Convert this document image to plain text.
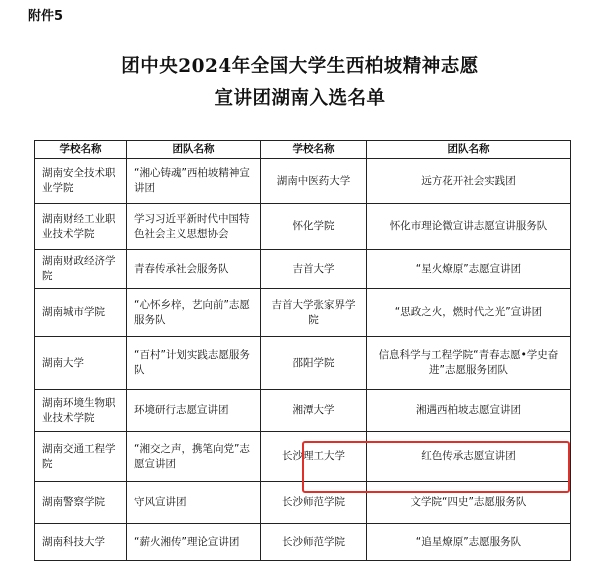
附件5
团中央2024年全国大学生西柏坡精神志愿
宣讲团湖南入选名单
学校名称	团队名称	学校名称	团队名称
湖南安全技术职业学院	“湘心铸魂”西柏坡精神宣讲团	湖南中医药大学	远方花开社会实践团
湖南财经工业职业技术学院	学习习近平新时代中国特色社会主义思想协会	怀化学院	怀化市理论微宣讲志愿宣讲服务队
湖南财政经济学院	青春传承社会服务队	吉首大学	“星火燎原”志愿宣讲团
湖南城市学院	“心怀乡梓，艺向前”志愿服务队	吉首大学张家界学院	“思政之火，燃时代之光”宣讲团
湖南大学	“百村”计划实践志愿服务队	邵阳学院	信息科学与工程学院“青春志愿•学史奋进”志愿服务团队
湖南环境生物职业技术学院	环境研行志愿宣讲团	湘潭大学	湘遇西柏坡志愿宣讲团
湖南交通工程学院	“湘交之声，携笔向党”志愿宣讲团	长沙理工大学	红色传承志愿宣讲团
湖南警察学院	守风宣讲团	长沙师范学院	文学院“四史”志愿服务队
湖南科技大学	“薪火湘传”理论宣讲团	长沙师范学院	“追星燎原”志愿服务队
